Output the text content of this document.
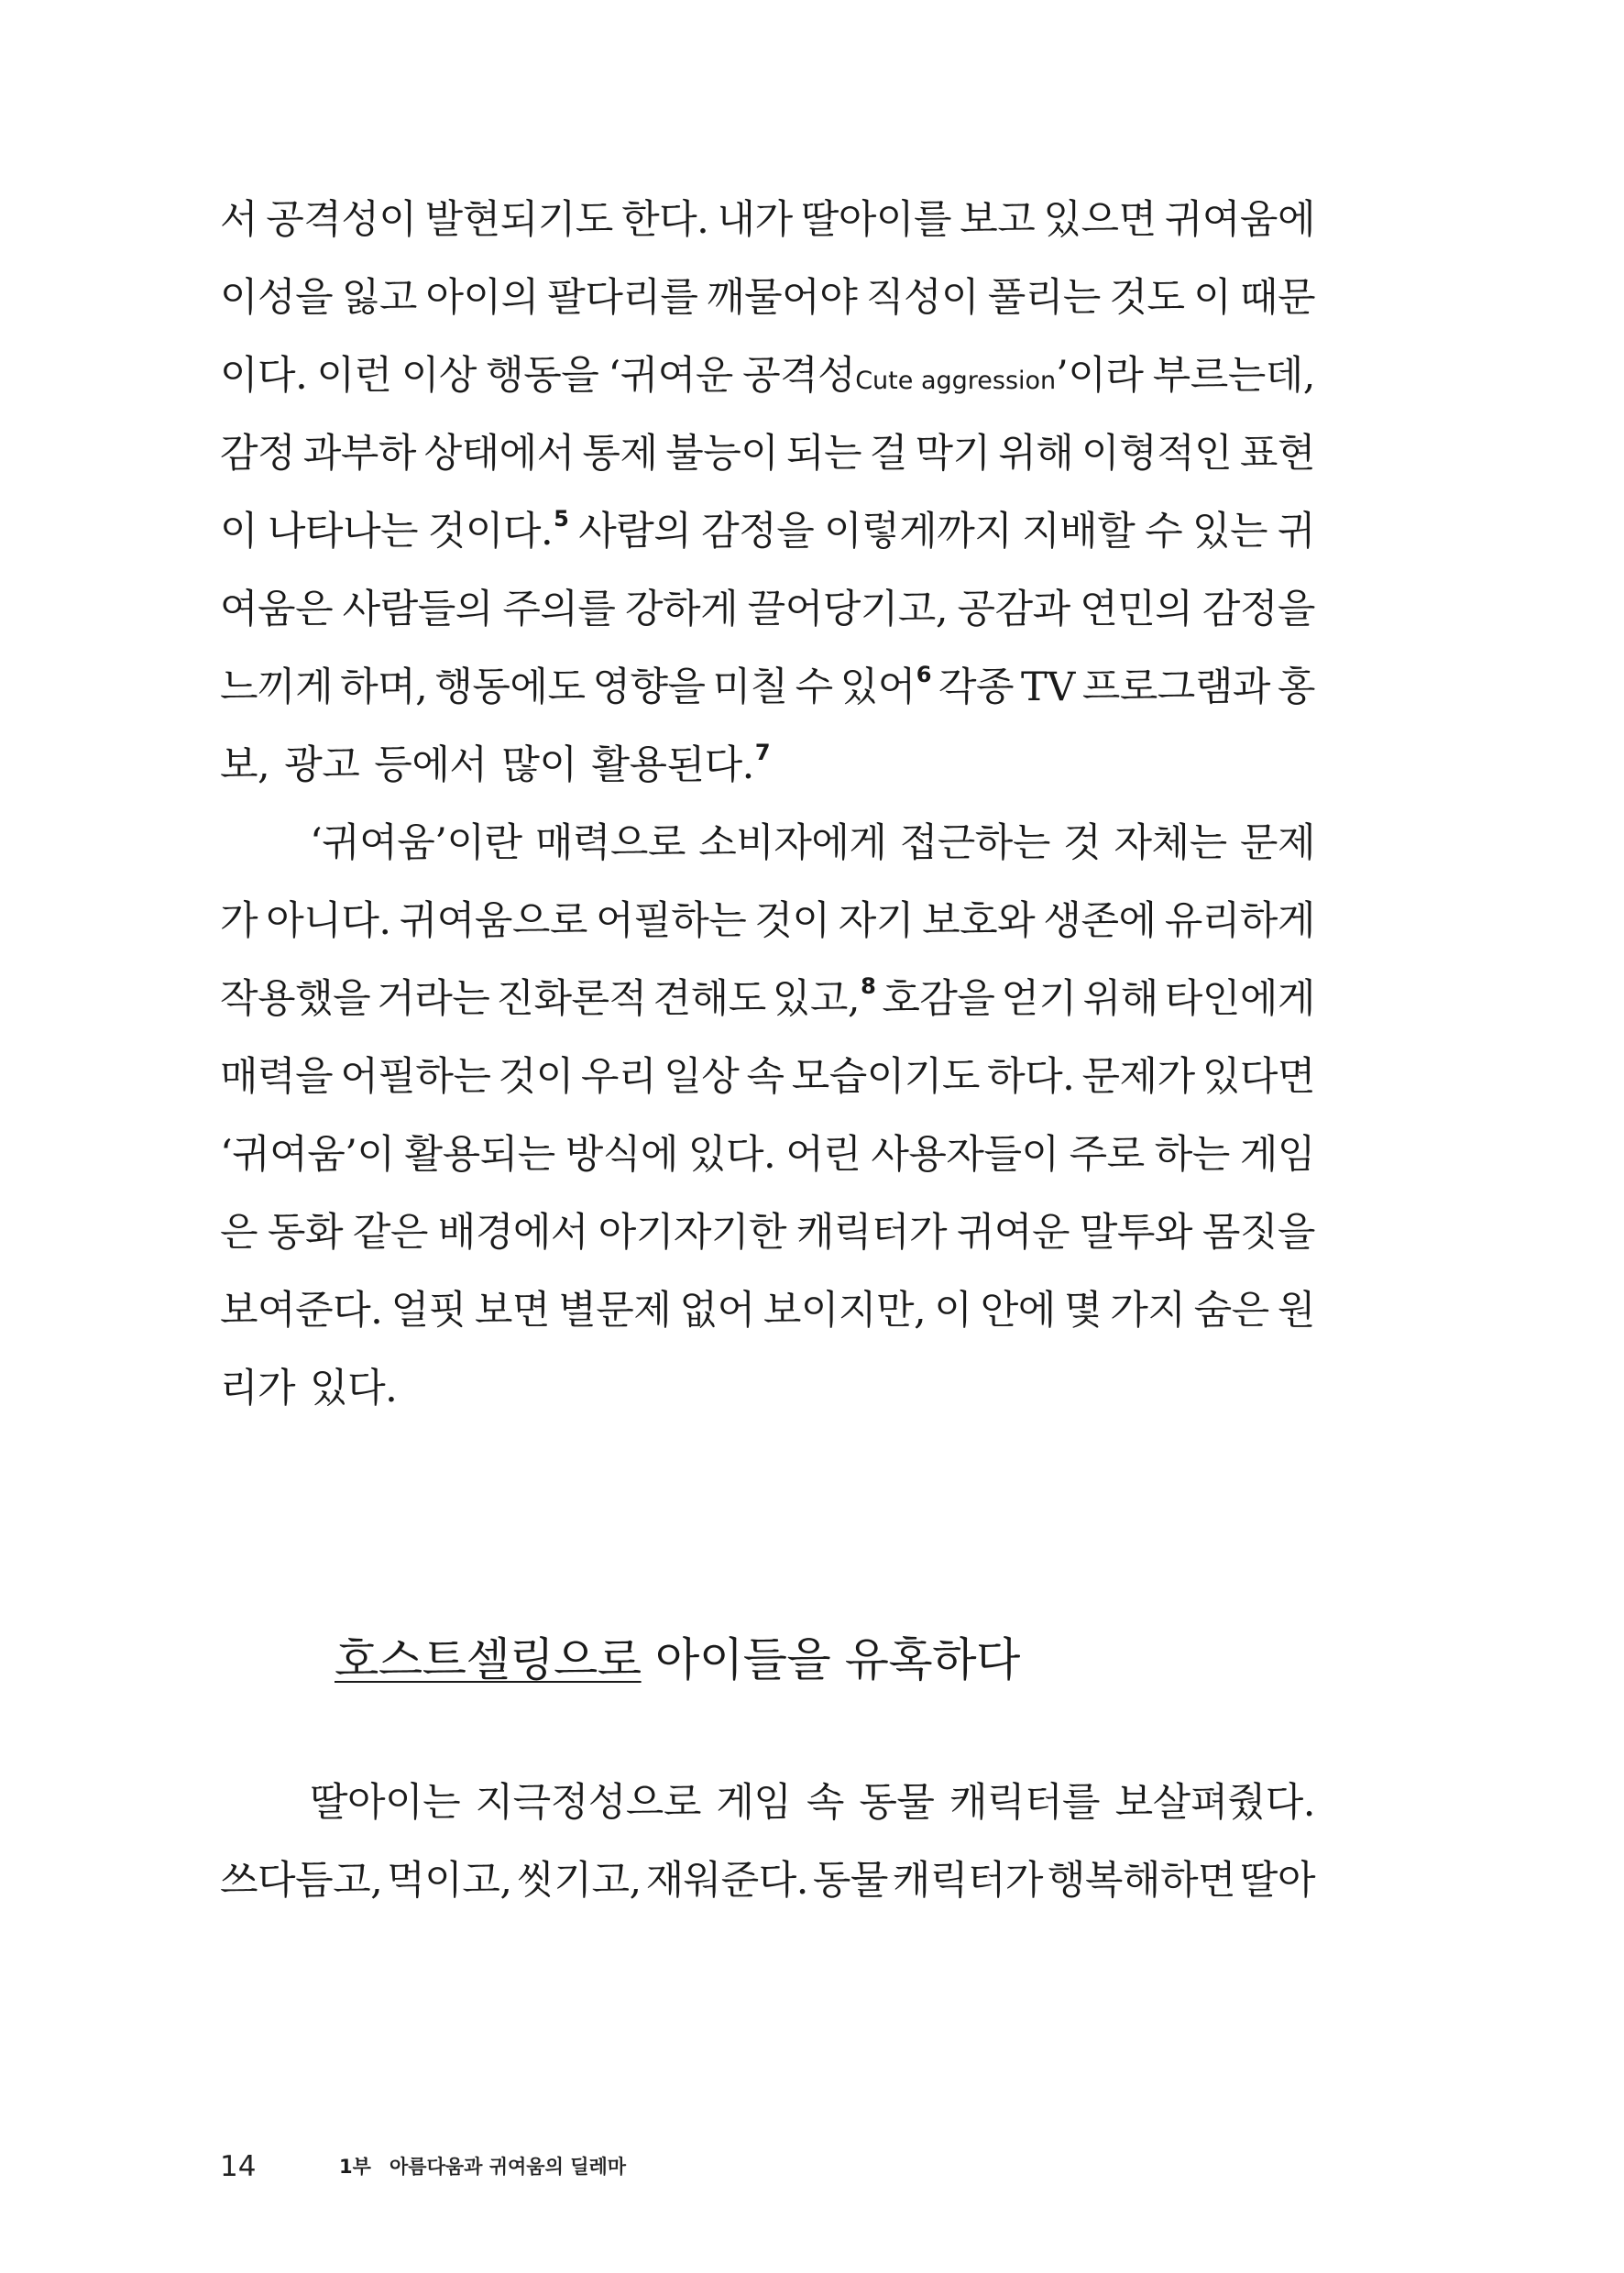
서 공격성이 발현되기도 한다. 내가 딸아이를 보고 있으면 귀여움에
이성을 잃고 아이의 팔다리를 깨물어야 직성이 풀리는 것도 이 때문
이다. 이런 이상 행동을 ‘귀여운 공격성Cute aggression’이라 부르는데,
감정 과부하 상태에서 통제 불능이 되는 걸 막기 위해 이형적인 표현
이 나타나는 것이다.$^5$ 사람의 감정을 이렇게까지 지배할 수 있는 귀
여움은 사람들의 주의를 강하게 끌어당기고, 공감과 연민의 감정을
느끼게 하며, 행동에도 영향을 미칠 수 있어$^6$ 각종 TV 프로그램과 홍
보, 광고 등에서 많이 활용된다.$^7$
‘귀여움’이란 매력으로 소비자에게 접근하는 것 자체는 문제
가 아니다. 귀여움으로 어필하는 것이 자기 보호와 생존에 유리하게
작용했을 거라는 진화론적 견해도 있고,$^8$ 호감을 얻기 위해 타인에게
매력을 어필하는 것이 우리 일상 속 모습이기도 하다. 문제가 있다면
‘귀여움’이 활용되는 방식에 있다. 어린 사용자들이 주로 하는 게임
은 동화 같은 배경에서 아기자기한 캐릭터가 귀여운 말투와 몸짓을
보여준다. 얼핏 보면 별문제 없어 보이지만, 이 안에 몇 가지 숨은 원
리가 있다.
호스트셀링으로 아이들을 유혹하다
딸아이는 지극정성으로 게임 속 동물 캐릭터를 보살펴줬다.
쓰다듬고, 먹이고, 씻기고, 재워준다. 동물 캐릭터가 행복해하면 딸아
14	1부 아름다움과 귀여움의 딜레마
